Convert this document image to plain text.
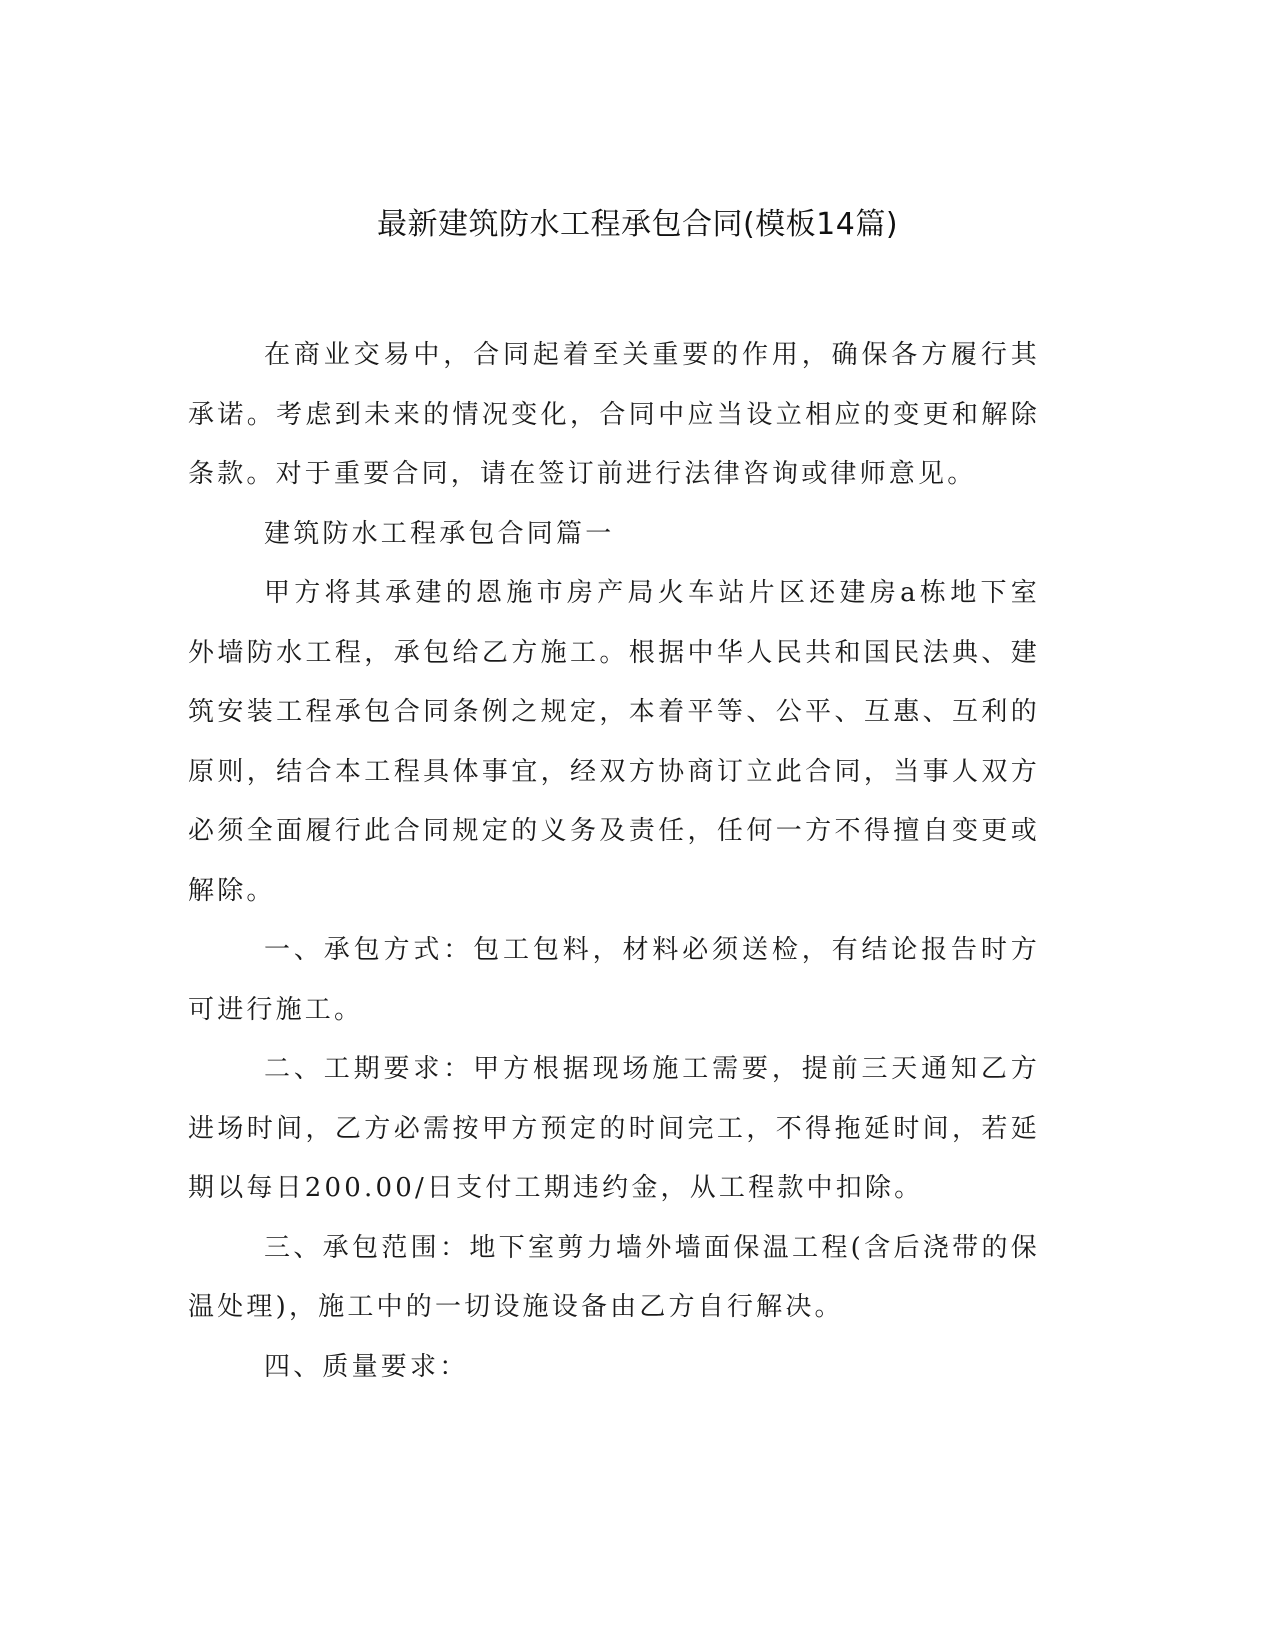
最新建筑防水工程承包合同(模板14篇)

在商业交易中，合同起着至关重要的作用，确保各方履行其承诺。考虑到未来的情况变化，合同中应当设立相应的变更和解除条款。对于重要合同，请在签订前进行法律咨询或律师意见。

建筑防水工程承包合同篇一

甲方将其承建的恩施市房产局火车站片区还建房a栋地下室外墙防水工程，承包给乙方施工。根据中华人民共和国民法典、建筑安装工程承包合同条例之规定，本着平等、公平、互惠、互利的原则，结合本工程具体事宜，经双方协商订立此合同，当事人双方必须全面履行此合同规定的义务及责任，任何一方不得擅自变更或解除。

一、承包方式：包工包料，材料必须送检，有结论报告时方可进行施工。

二、工期要求：甲方根据现场施工需要，提前三天通知乙方进场时间，乙方必需按甲方预定的时间完工，不得拖延时间，若延期以每日200.00/日支付工期违约金，从工程款中扣除。

三、承包范围：地下室剪力墙外墙面保温工程(含后浇带的保温处理)，施工中的一切设施设备由乙方自行解决。

四、质量要求：
